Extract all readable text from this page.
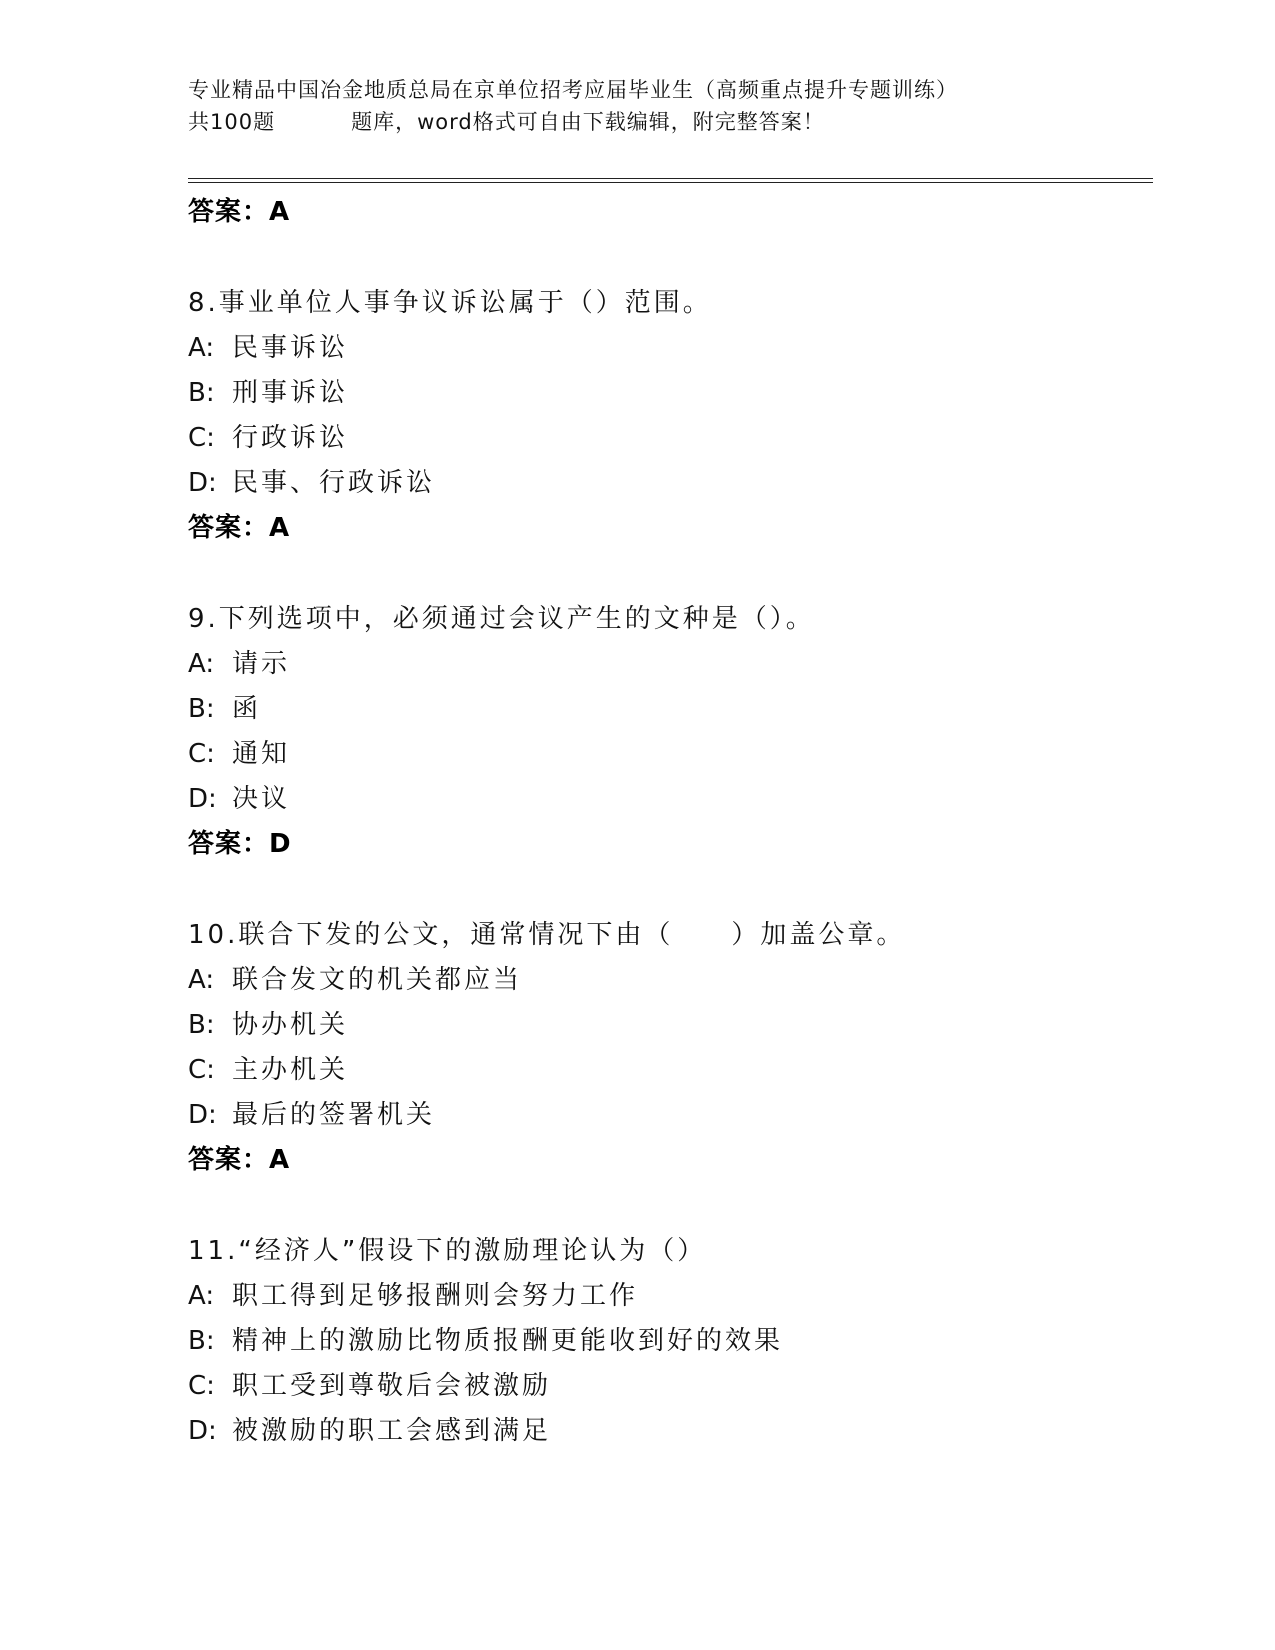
专业精品中国冶金地质总局在京单位招考应届毕业生（高频重点提升专题训练）
共100题	题库，word格式可自由下载编辑，附完整答案！
答案：A
8.事业单位人事争议诉讼属于（）范围。
A: 民事诉讼
B: 刑事诉讼
C: 行政诉讼
D: 民事、行政诉讼
答案：A
9.下列选项中，必须通过会议产生的文种是（）。
A: 请示
B: 函
C: 通知
D: 决议
答案：D
10.联合下发的公文，通常情况下由（　　）加盖公章。
A: 联合发文的机关都应当
B: 协办机关
C: 主办机关
D: 最后的签署机关
答案：A
11.“经济人”假设下的激励理论认为（）
A: 职工得到足够报酬则会努力工作
B: 精神上的激励比物质报酬更能收到好的效果
C: 职工受到尊敬后会被激励
D: 被激励的职工会感到满足
